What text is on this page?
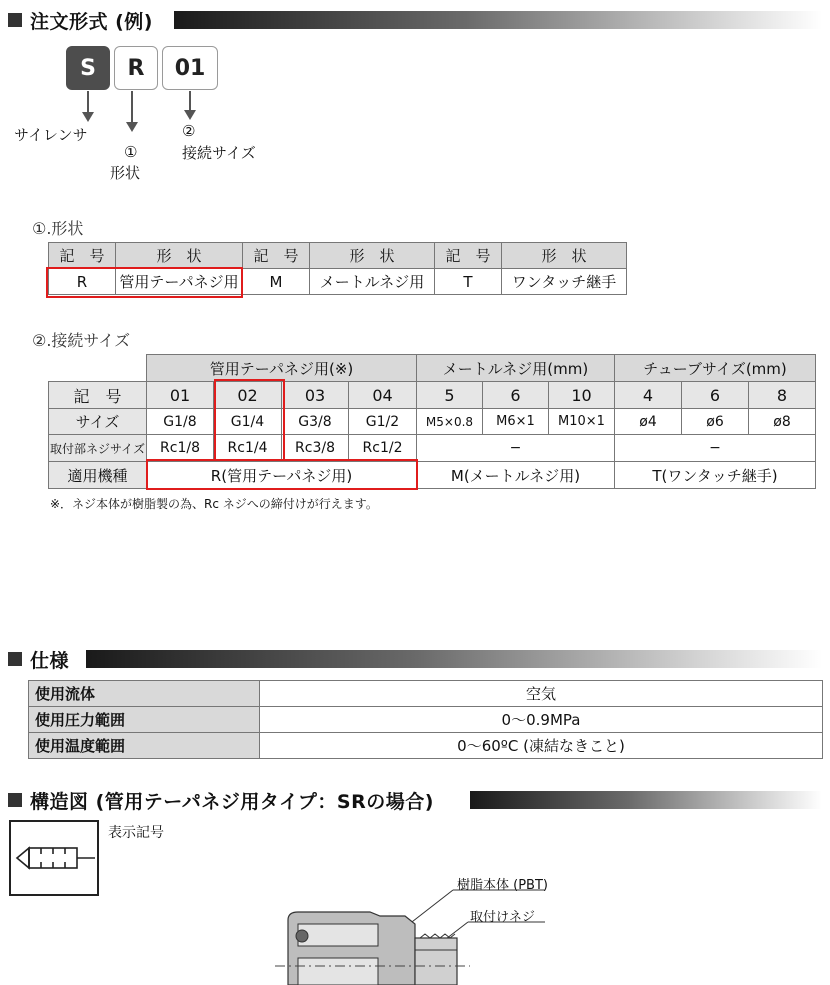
注文形式 (例)
S	R	01
サイレンサ
①
形状
②
接続サイズ
①.形状
記　号	形　状	記　号	形　状	記　号	形　状
R	管用テーパネジ用	M	メートルネジ用	T	ワンタッチ継手
②.接続サイズ
	管用テーパネジ用(※)				メートルネジ用(mm)			チューブサイズ(mm)		
記　号	01	02	03	04	5	6	10	4	6	8
サイズ	G1/8	G1/4	G3/8	G1/2	M5×0.8	M6×1	M10×1	ø4	ø6	ø8
取付部ネジサイズ	Rc1/8	Rc1/4	Rc3/8	Rc1/2	−			−		
適用機種	R(管用テーパネジ用)				M(メートルネジ用)			T(ワンタッチ継手)		
※．ネジ本体が樹脂製の為、Rc ネジへの締付けが行えます。
仕様
使用流体	空気
使用圧力範囲	0～0.9MPa
使用温度範囲	0～60ºC (凍結なきこと)
構造図 (管用テーパネジ用タイプ：SRの場合)
表示記号
樹脂本体 (PBT)
取付けネジ
